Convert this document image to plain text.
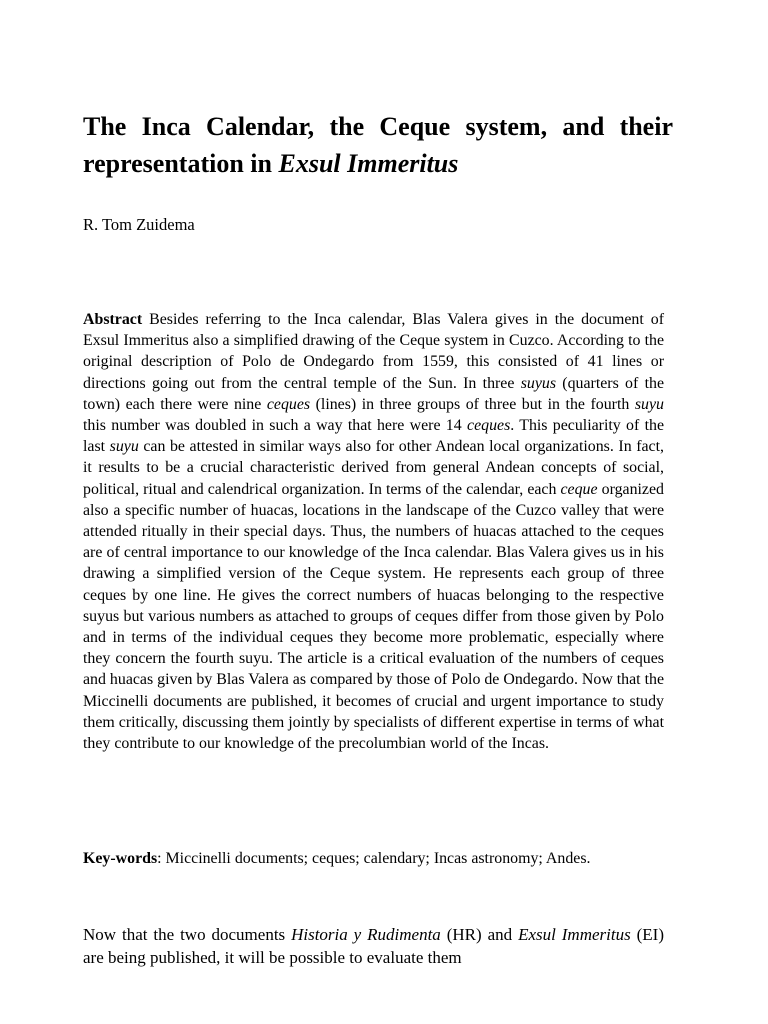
The Inca Calendar, the Ceque system, and their representation in Exsul Immeritus

R. Tom Zuidema

Abstract Besides referring to the Inca calendar, Blas Valera gives in the document of Exsul Immeritus also a simplified drawing of the Ceque system in Cuzco. According to the original description of Polo de Ondegardo from 1559, this consisted of 41 lines or directions going out from the central temple of the Sun. In three suyus (quarters of the town) each there were nine ceques (lines) in three groups of three but in the fourth suyu this number was doubled in such a way that here were 14 ceques. This peculiarity of the last suyu can be attested in similar ways also for other Andean local organizations. In fact, it results to be a crucial characteristic derived from general Andean concepts of social, political, ritual and calendrical organization. In terms of the calendar, each ceque organized also a specific number of huacas, locations in the landscape of the Cuzco valley that were attended ritually in their special days. Thus, the numbers of huacas attached to the ceques are of central importance to our knowledge of the Inca calendar. Blas Valera gives us in his drawing a simplified version of the Ceque system. He represents each group of three ceques by one line. He gives the correct numbers of huacas belonging to the respective suyus but various numbers as attached to groups of ceques differ from those given by Polo and in terms of the individual ceques they become more problematic, especially where they concern the fourth suyu. The article is a critical evaluation of the numbers of ceques and huacas given by Blas Valera as compared by those of Polo de Ondegardo. Now that the Miccinelli documents are published, it becomes of crucial and urgent importance to study them critically, discussing them jointly by specialists of different expertise in terms of what they contribute to our knowledge of the precolumbian world of the Incas.

Key-words: Miccinelli documents; ceques; calendary; Incas astronomy; Andes.

Now that the two documents Historia y Rudimenta (HR) and Exsul Immeritus (EI) are being published, it will be possible to evaluate them
